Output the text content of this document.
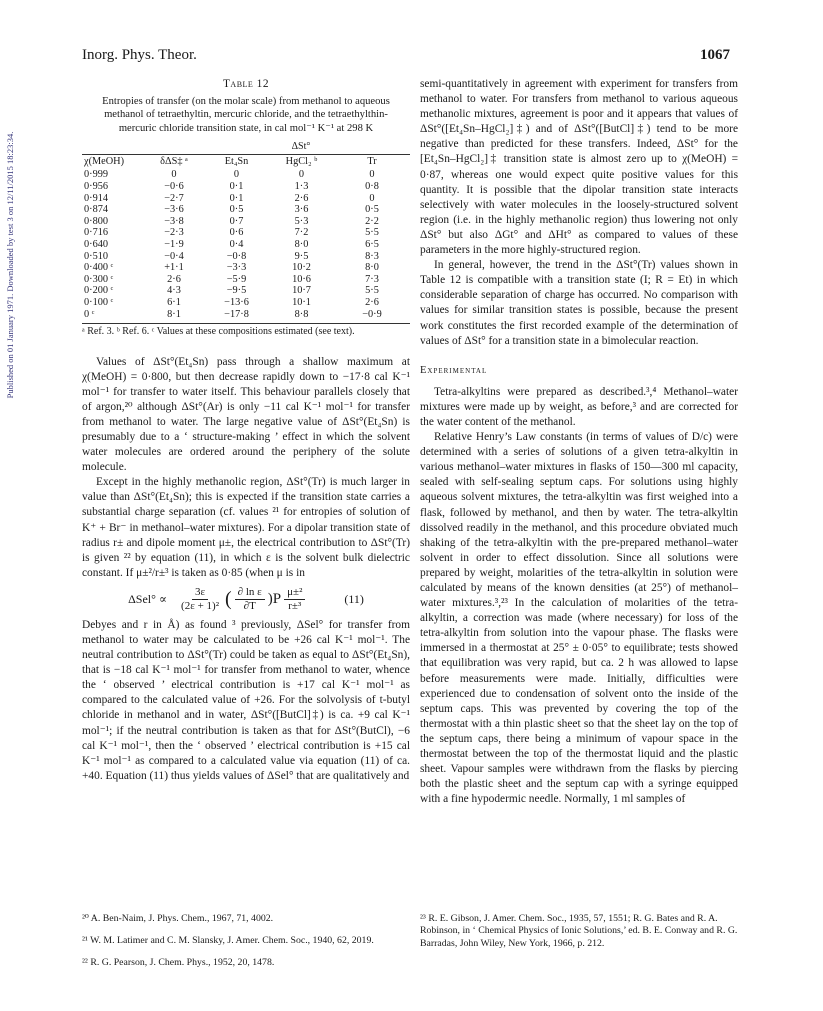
Inorg. Phys. Theor.	1067
Published on 01 January 1971. Downloaded by test 3 on 12/11/2015 18:23:34.

Table 12

Entropies of transfer (on the molar scale) from methanol to aqueous methanol of tetraethyltin, mercuric chloride, and the tetraethylthin-mercuric chloride transition state, in cal mol⁻¹ K⁻¹ at 298 K

ΔSt°
χ(MeOH)	δΔS‡ ᵃ	Et₄Sn	HgCl₂ ᵇ	Tr
0·999	0	0	0	0
0·956	−0·6	0·1	1·3	0·8
0·914	−2·7	0·1	2·6	0
0·874	−3·6	0·5	3·6	0·5
0·800	−3·8	0·7	5·3	2·2
0·716	−2·3	0·6	7·2	5·5
0·640	−1·9	0·4	8·0	6·5
0·510	−0·4	−0·8	9·5	8·3
0·400 ᶜ	+1·1	−3·3	10·2	8·0
0·300 ᶜ	2·6	−5·9	10·6	7·3
0·200 ᶜ	4·3	−9·5	10·7	5·5
0·100 ᶜ	6·1	−13·6	10·1	2·6
0 ᶜ	8·1	−17·8	8·8	−0·9

ᵃ Ref. 3. ᵇ Ref. 6. ᶜ Values at these compositions estimated (see text).

Values of ΔSt°(Et₄Sn) pass through a shallow maximum at χ(MeOH) = 0·800, but then decrease rapidly down to −17·8 cal K⁻¹ mol⁻¹ for transfer to water itself. This behaviour parallels closely that of argon,²⁰ although ΔSt°(Ar) is only −11 cal K⁻¹ mol⁻¹ for transfer from methanol to water. The large negative value of ΔSt°(Et₄Sn) is presumably due to a ‘ structure-making ’ effect in which the solvent water molecules are ordered around the periphery of the solute molecule.

Except in the highly methanolic region, ΔSt°(Tr) is much larger in value than ΔSt°(Et₄Sn); this is expected if the transition state carries a substantial charge separation (cf. values ²¹ for entropies of solution of K⁺ + Br⁻ in methanol–water mixtures). For a dipolar transition state of radius r± and dipole moment μ±, the electrical contribution to ΔSt°(Tr) is given ²² by equation (11), in which ε is the solvent bulk dielectric constant. If μ±²/r±³ is taken as 0·85 (when μ is in

$\Delta Sel^\circ \propto \frac{3\varepsilon}{\text{(2ε + 1)²}}$ ( $\frac{\text{∂ ln ε}}{\partial T} )P \frac{\text{μ±²}}{\text{r±³}}$	(11)

Debyes and r in Å) as found ³ previously, ΔSel° for transfer from methanol to water may be calculated to be +26 cal K⁻¹ mol⁻¹. The neutral contribution to ΔSt°(Tr) could be taken as equal to ΔSt°(Et₄Sn), that is −18 cal K⁻¹ mol⁻¹ for transfer from methanol to water, whence the ‘ observed ’ electrical contribution is +17 cal K⁻¹ mol⁻¹ as compared to the calculated value of +26. For the solvolysis of t-butyl chloride in methanol and in water, ΔSt°([ButCl]‡) is ca. +9 cal K⁻¹ mol⁻¹; if the neutral contribution is taken as that for ΔSt°(ButCl), −6 cal K⁻¹ mol⁻¹, then the ‘ observed ’ electrical contribution is +15 cal K⁻¹ mol⁻¹ as compared to a calculated value via equation (11) of ca. +40. Equation (11) thus yields values of ΔSel° that are qualitatively and

²⁰ A. Ben-Naim, J. Phys. Chem., 1967, 71, 4002.

²¹ W. M. Latimer and C. M. Slansky, J. Amer. Chem. Soc., 1940, 62, 2019.

²² R. G. Pearson, J. Chem. Phys., 1952, 20, 1478.

semi-quantitatively in agreement with experiment for transfers from methanol to water. For transfers from methanol to various aqueous methanolic mixtures, agreement is poor and it appears that values of ΔSt°([Et₄Sn–HgCl₂]‡) and of ΔSt°([ButCl]‡) tend to be more negative than predicted for these transfers. Indeed, ΔSt° for the [Et₄Sn–HgCl₂]‡ transition state is almost zero up to χ(MeOH) = 0·87, whereas one would expect quite positive values for this quantity. It is possible that the dipolar transition state interacts selectively with water molecules in the loosely-structured solvent region (i.e. in the highly methanolic region) thus lowering not only ΔSt° but also ΔGt° and ΔHt° as compared to values of these parameters in the more highly-structured region.

In general, however, the trend in the ΔSt°(Tr) values shown in Table 12 is compatible with a transition state (I; R = Et) in which considerable separation of charge has occurred. No comparison with values for similar transition states is possible, because the present work constitutes the first recorded example of the determination of values of ΔSt° for a transition state in a bimolecular reaction.

Experimental

Tetra-alkyltins were prepared as described.³,⁴ Methanol–water mixtures were made up by weight, as before,³ and are corrected for the water content of the methanol.

Relative Henry’s Law constants (in terms of values of D/c) were determined with a series of solutions of a given tetra-alkyltin in various methanol–water mixtures in flasks of 150—300 ml capacity, sealed with self-sealing septum caps. For solutions using highly aqueous solvent mixtures, the tetra-alkyltin was first weighed into a flask, followed by methanol, and then by water. The tetra-alkyltin dissolved readily in the methanol, and this procedure obviated much shaking of the tetra-alkyltin with the pre-prepared methanol–water solvent in order to effect dissolution. Since all solutions were prepared by weight, molarities of the tetra-alkyltin in solution were calculated by means of the known densities (at 25°) of methanol–water mixtures.³,²³ In the calculation of molarities of the tetra-alkyltin, a correction was made (where necessary) for loss of the tetra-alkyltin from solution into the vapour phase. The flasks were immersed in a thermostat at 25° ± 0·05° to equilibrate; tests showed that equilibration was very rapid, but ca. 2 h was allowed to lapse before measurements were made. Initially, difficulties were experienced due to condensation of solvent onto the inside of the septum caps. This was prevented by covering the top of the thermostat with a thin plastic sheet so that the sheet lay on the top of the septum caps, there being a minimum of vapour space in the thermostat between the top of the thermostat liquid and the plastic sheet. Vapour samples were withdrawn from the flasks by piercing both the plastic sheet and the septum cap with a syringe equipped with a fine hypodermic needle. Normally, 1 ml samples of

²³ R. E. Gibson, J. Amer. Chem. Soc., 1935, 57, 1551; R. G. Bates and R. A. Robinson, in ‘ Chemical Physics of Ionic Solutions,’ ed. B. E. Conway and R. G. Barradas, John Wiley, New York, 1966, p. 212.
